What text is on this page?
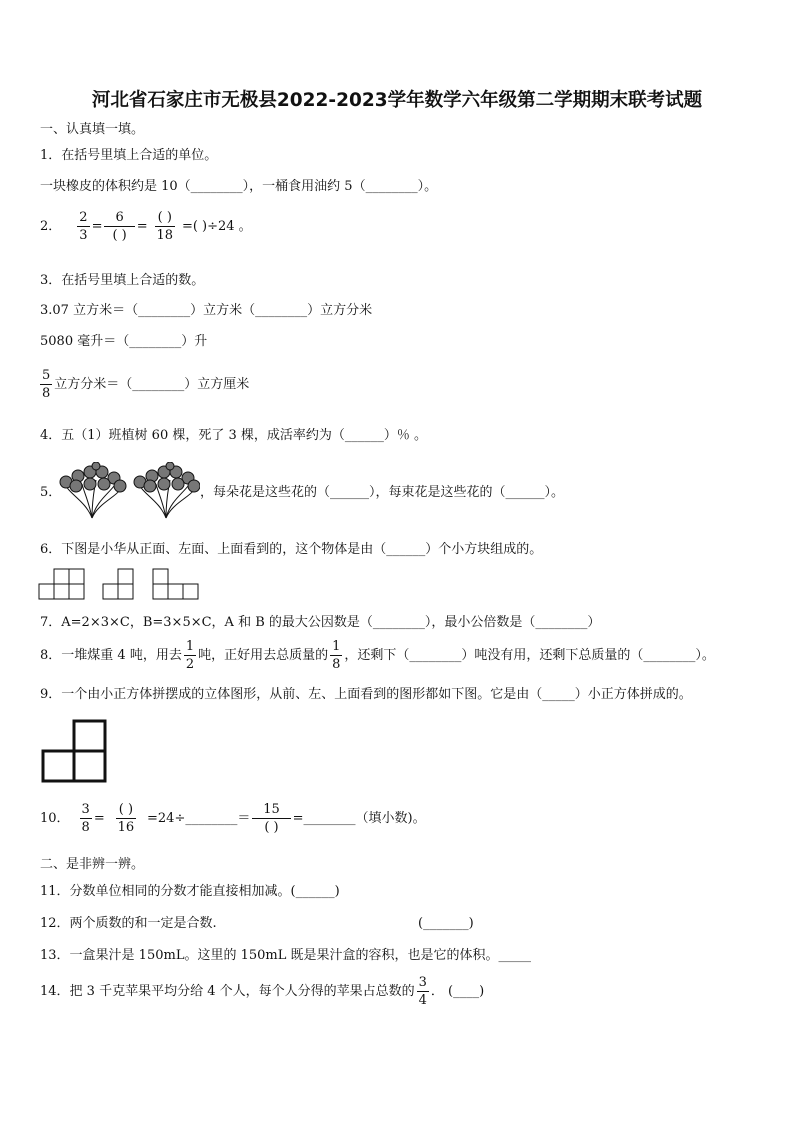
河北省石家庄市无极县2022-2023学年数学六年级第二学期期末联考试题
一、认真填一填。
1．在括号里填上合适的单位。
一块橡皮的体积约是 10（________），一桶食用油约 5（________）。
2． $\frac{2}{3} = \frac{6}{( )} = \frac{( )}{18}$ =( )÷24 。
3．在括号里填上合适的数。
3.07 立方米＝（________）立方米（________）立方分米
5080 毫升＝（________）升
$\frac{5}{8}$ 立方分米＝（________）立方厘米
4．五（1）班植树 60 棵，死了 3 棵，成活率约为（______）％ 。
5．	，每朵花是这些花的（______），每束花是这些花的（______）。
6．下图是小华从正面、左面、上面看到的，这个物体是由（______）个小方块组成的。
7．A=2×3×C，B=3×5×C，A 和 B 的最大公因数是（________），最小公倍数是（________）
8． 一堆煤重 4 吨，用去 $\frac{1}{2}$ 吨，正好用去总质量的 $\frac{1}{8}$ ，还剩下（________）吨没有用，还剩下总质量的（________）。
9．一个由小正方体拼摆成的立体图形，从前、左、上面看到的图形都如下图。它是由（_____）小正方体拼成的。
10． $\frac{3}{8} = \frac{( )}{16}$ =24÷________＝ $\frac{15}{( )}$ =________（填小数)。
二、是非辨一辨。
11．分数单位相同的分数才能直接相加减。(______)
12．两个质数的和一定是合数.	(_______)
13．一盒果汁是 150mL。这里的 150mL 既是果汁盒的容积，也是它的体积。_____
14． 把 3 千克苹果平均分给 4 个人，每个人分得的苹果占总数的 $\frac{3}{4}$ ． (____)
